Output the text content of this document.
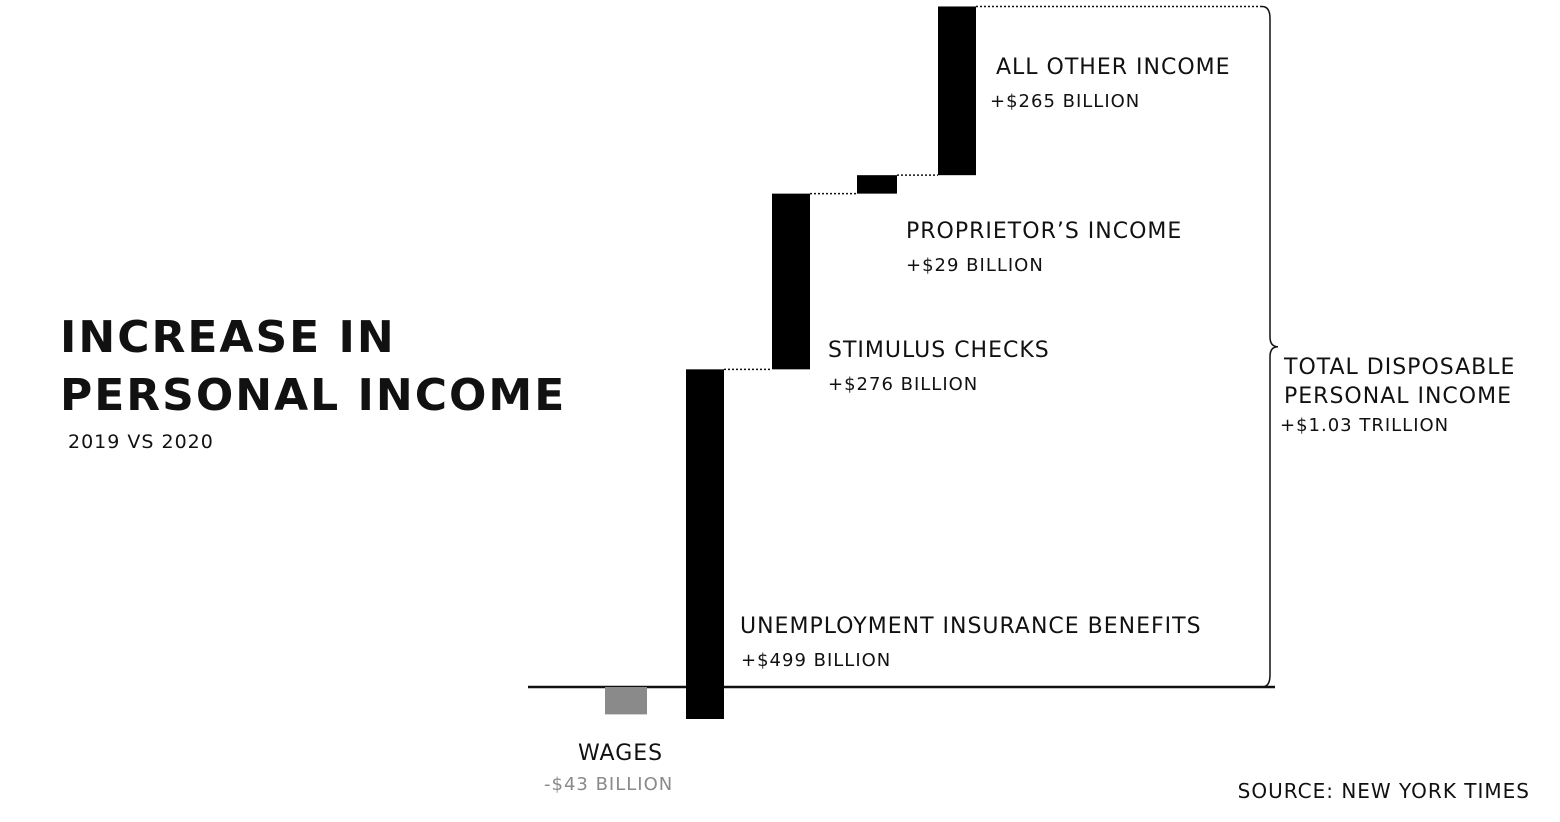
INCREASE IN
PERSONAL INCOME
2019 VS 2020
WAGES
-$43 BILLION
UNEMPLOYMENT INSURANCE BENEFITS
+$499 BILLION
STIMULUS CHECKS
+$276 BILLION
PROPRIETOR’S INCOME
+$29 BILLION
ALL OTHER INCOME
+$265 BILLION
TOTAL DISPOSABLE
PERSONAL INCOME
+$1.03 TRILLION
SOURCE: NEW YORK TIMES
